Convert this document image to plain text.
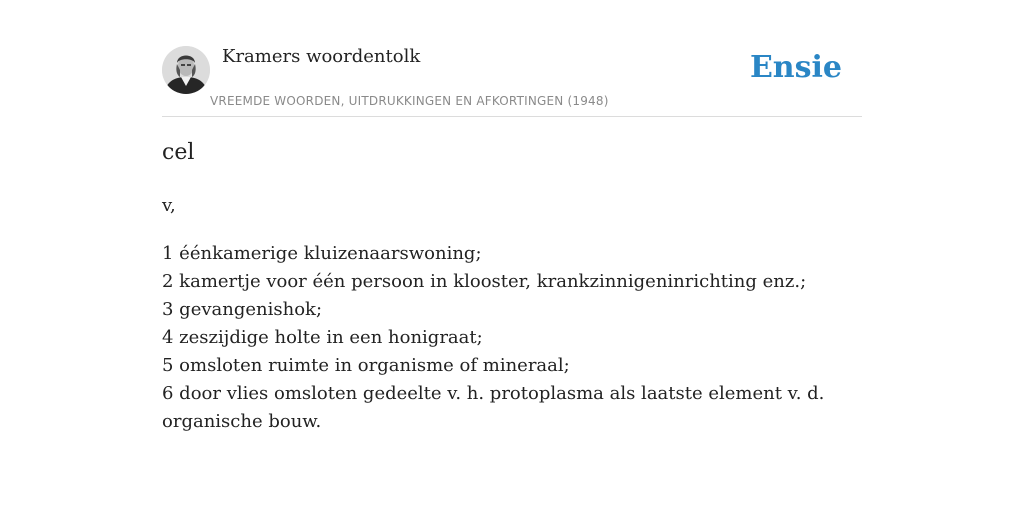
Kramers woordentolk
VREEMDE WOORDEN, UITDRUKKINGEN EN AFKORTINGEN (1948)
Ensie
cel
v,
1 éénkamerige kluizenaarswoning;
2 kamertje voor één persoon in klooster, krankzinnigeninrichting enz.;
3 gevangenishok;
4 zeszijdige holte in een honigraat;
5 omsloten ruimte in organisme of mineraal;
6 door vlies omsloten gedeelte v. h. protoplasma als laatste element v. d. organische bouw.
